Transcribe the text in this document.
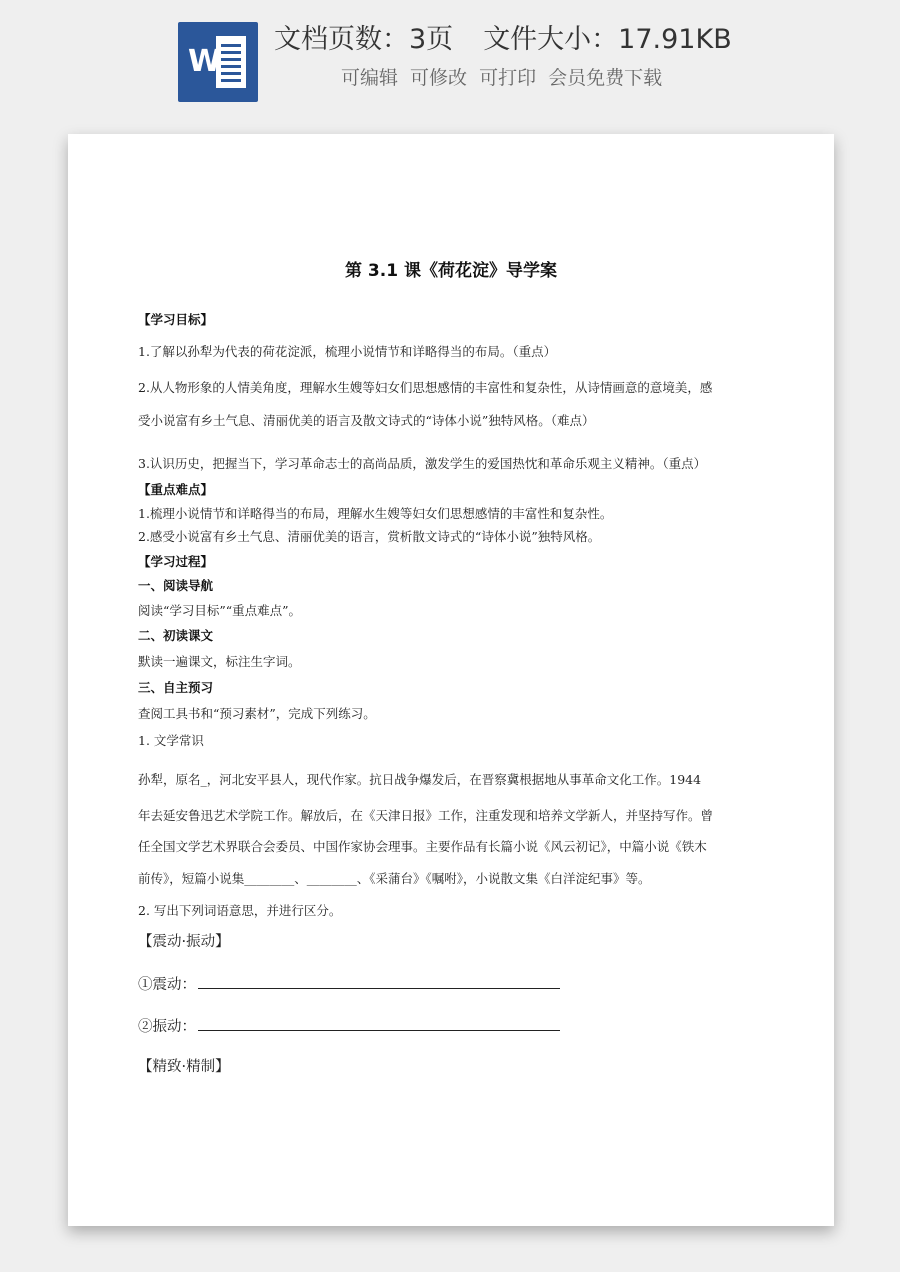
W
文档页数：3页 文件大小：17.91KB
可编辑 可修改 可打印 会员免费下载
第 3.1 课《荷花淀》导学案
【学习目标】
1.了解以孙犁为代表的荷花淀派，梳理小说情节和详略得当的布局。（重点）
2.从人物形象的人情美角度，理解水生嫂等妇女们思想感情的丰富性和复杂性，从诗情画意的意境美，感
受小说富有乡土气息、清丽优美的语言及散文诗式的“诗体小说”独特风格。（难点）
3.认识历史，把握当下，学习革命志士的高尚品质，激发学生的爱国热忱和革命乐观主义精神。（重点）
【重点难点】
1.梳理小说情节和详略得当的布局，理解水生嫂等妇女们思想感情的丰富性和复杂性。
2.感受小说富有乡土气息、清丽优美的语言，赏析散文诗式的“诗体小说”独特风格。
【学习过程】
一、阅读导航
阅读“学习目标”“重点难点”。
二、初读课文
默读一遍课文，标注生字词。
三、自主预习
查阅工具书和“预习素材”，完成下列练习。
1. 文学常识
孙犁，原名_，河北安平县人，现代作家。抗日战争爆发后，在晋察冀根据地从事革命文化工作。1944
年去延安鲁迅艺术学院工作。解放后，在《天津日报》工作，注重发现和培养文学新人，并坚持写作。曾
任全国文学艺术界联合会委员、中国作家协会理事。主要作品有长篇小说《风云初记》，中篇小说《铁木
前传》，短篇小说集________、________、《采蒲台》《嘱咐》，小说散文集《白洋淀纪事》等。
2. 写出下列词语意思，并进行区分。
【震动·振动】
①震动：
②振动：
【精致·精制】
